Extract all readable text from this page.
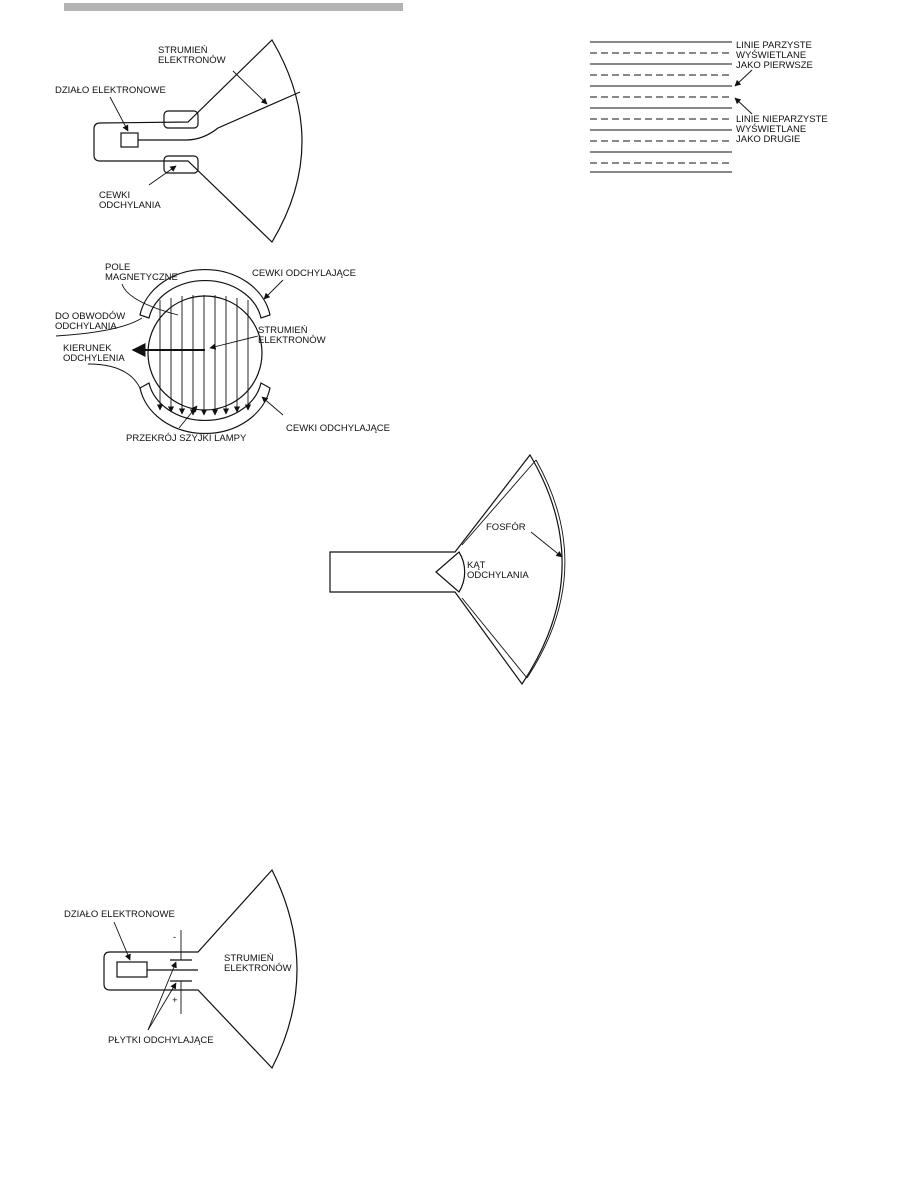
STRUMIEŃ
ELEKTRONÓW
DZIAŁO ELEKTRONOWE
CEWKI
ODCHYLANIA
LINIE PARZYSTE
WYŚWIETLANE
JAKO PIERWSZE
LINIE NIEPARZYSTE
WYŚWIETLANE
JAKO DRUGIE
POLE
MAGNETYCZNE	CEWKI ODCHYLAJĄCE
DO OBWODÓW
ODCHYLANIA	STRUMIEŃ
ELEKTRONÓW
KIERUNEK
ODCHYLENIA
CEWKI ODCHYLAJĄCE
PRZEKRÓJ SZYJKI LAMPY
FOSFÓR
KĄT
ODCHYLANIA
DZIAŁO ELEKTRONOWE
STRUMIEŃ
ELEKTRONÓW
PŁYTKI ODCHYLAJĄCE
-
+
